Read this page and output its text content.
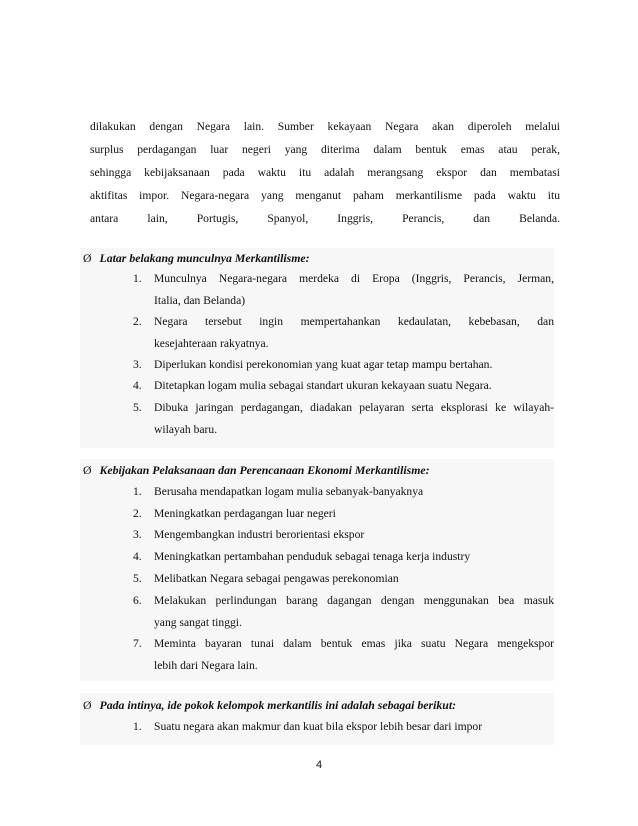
dilakukan dengan Negara lain. Sumber kekayaan Negara akan diperoleh melalui
surplus perdagangan luar negeri yang diterima dalam bentuk emas atau perak,
sehingga kebijaksanaan pada waktu itu adalah merangsang ekspor dan membatasi
aktifitas impor. Negara-negara yang menganut paham merkantilisme pada waktu itu
antara lain, Portugis, Spanyol, Inggris, Perancis, dan Belanda.
Ø Latar belakang munculnya Merkantilisme:
1.	Munculnya Negara-negara merdeka di Eropa (Inggris, Perancis, Jerman,
Italia, dan Belanda)
2.	Negara tersebut ingin mempertahankan kedaulatan, kebebasan, dan
kesejahteraan rakyatnya.
3.	Diperlukan kondisi perekonomian yang kuat agar tetap mampu bertahan.
4.	Ditetapkan logam mulia sebagai standart ukuran kekayaan suatu Negara.
5.	Dibuka jaringan perdagangan, diadakan pelayaran serta eksplorasi ke wilayah-
wilayah baru.
Ø Kebijakan Pelaksanaan dan Perencanaan Ekonomi Merkantilisme:
1.	Berusaha mendapatkan logam mulia sebanyak-banyaknya
2.	Meningkatkan perdagangan luar negeri
3.	Mengembangkan industri berorientasi ekspor
4.	Meningkatkan pertambahan penduduk sebagai tenaga kerja industry
5.	Melibatkan Negara sebagai pengawas perekonomian
6.	Melakukan perlindungan barang dagangan dengan menggunakan bea masuk
yang sangat tinggi.
7.	Meminta bayaran tunai dalam bentuk emas jika suatu Negara mengekspor
lebih dari Negara lain.
Ø Pada intinya, ide pokok kelompok merkantilis ini adalah sebagai berikut:
1.	Suatu negara akan makmur dan kuat bila ekspor lebih besar dari impor
4
